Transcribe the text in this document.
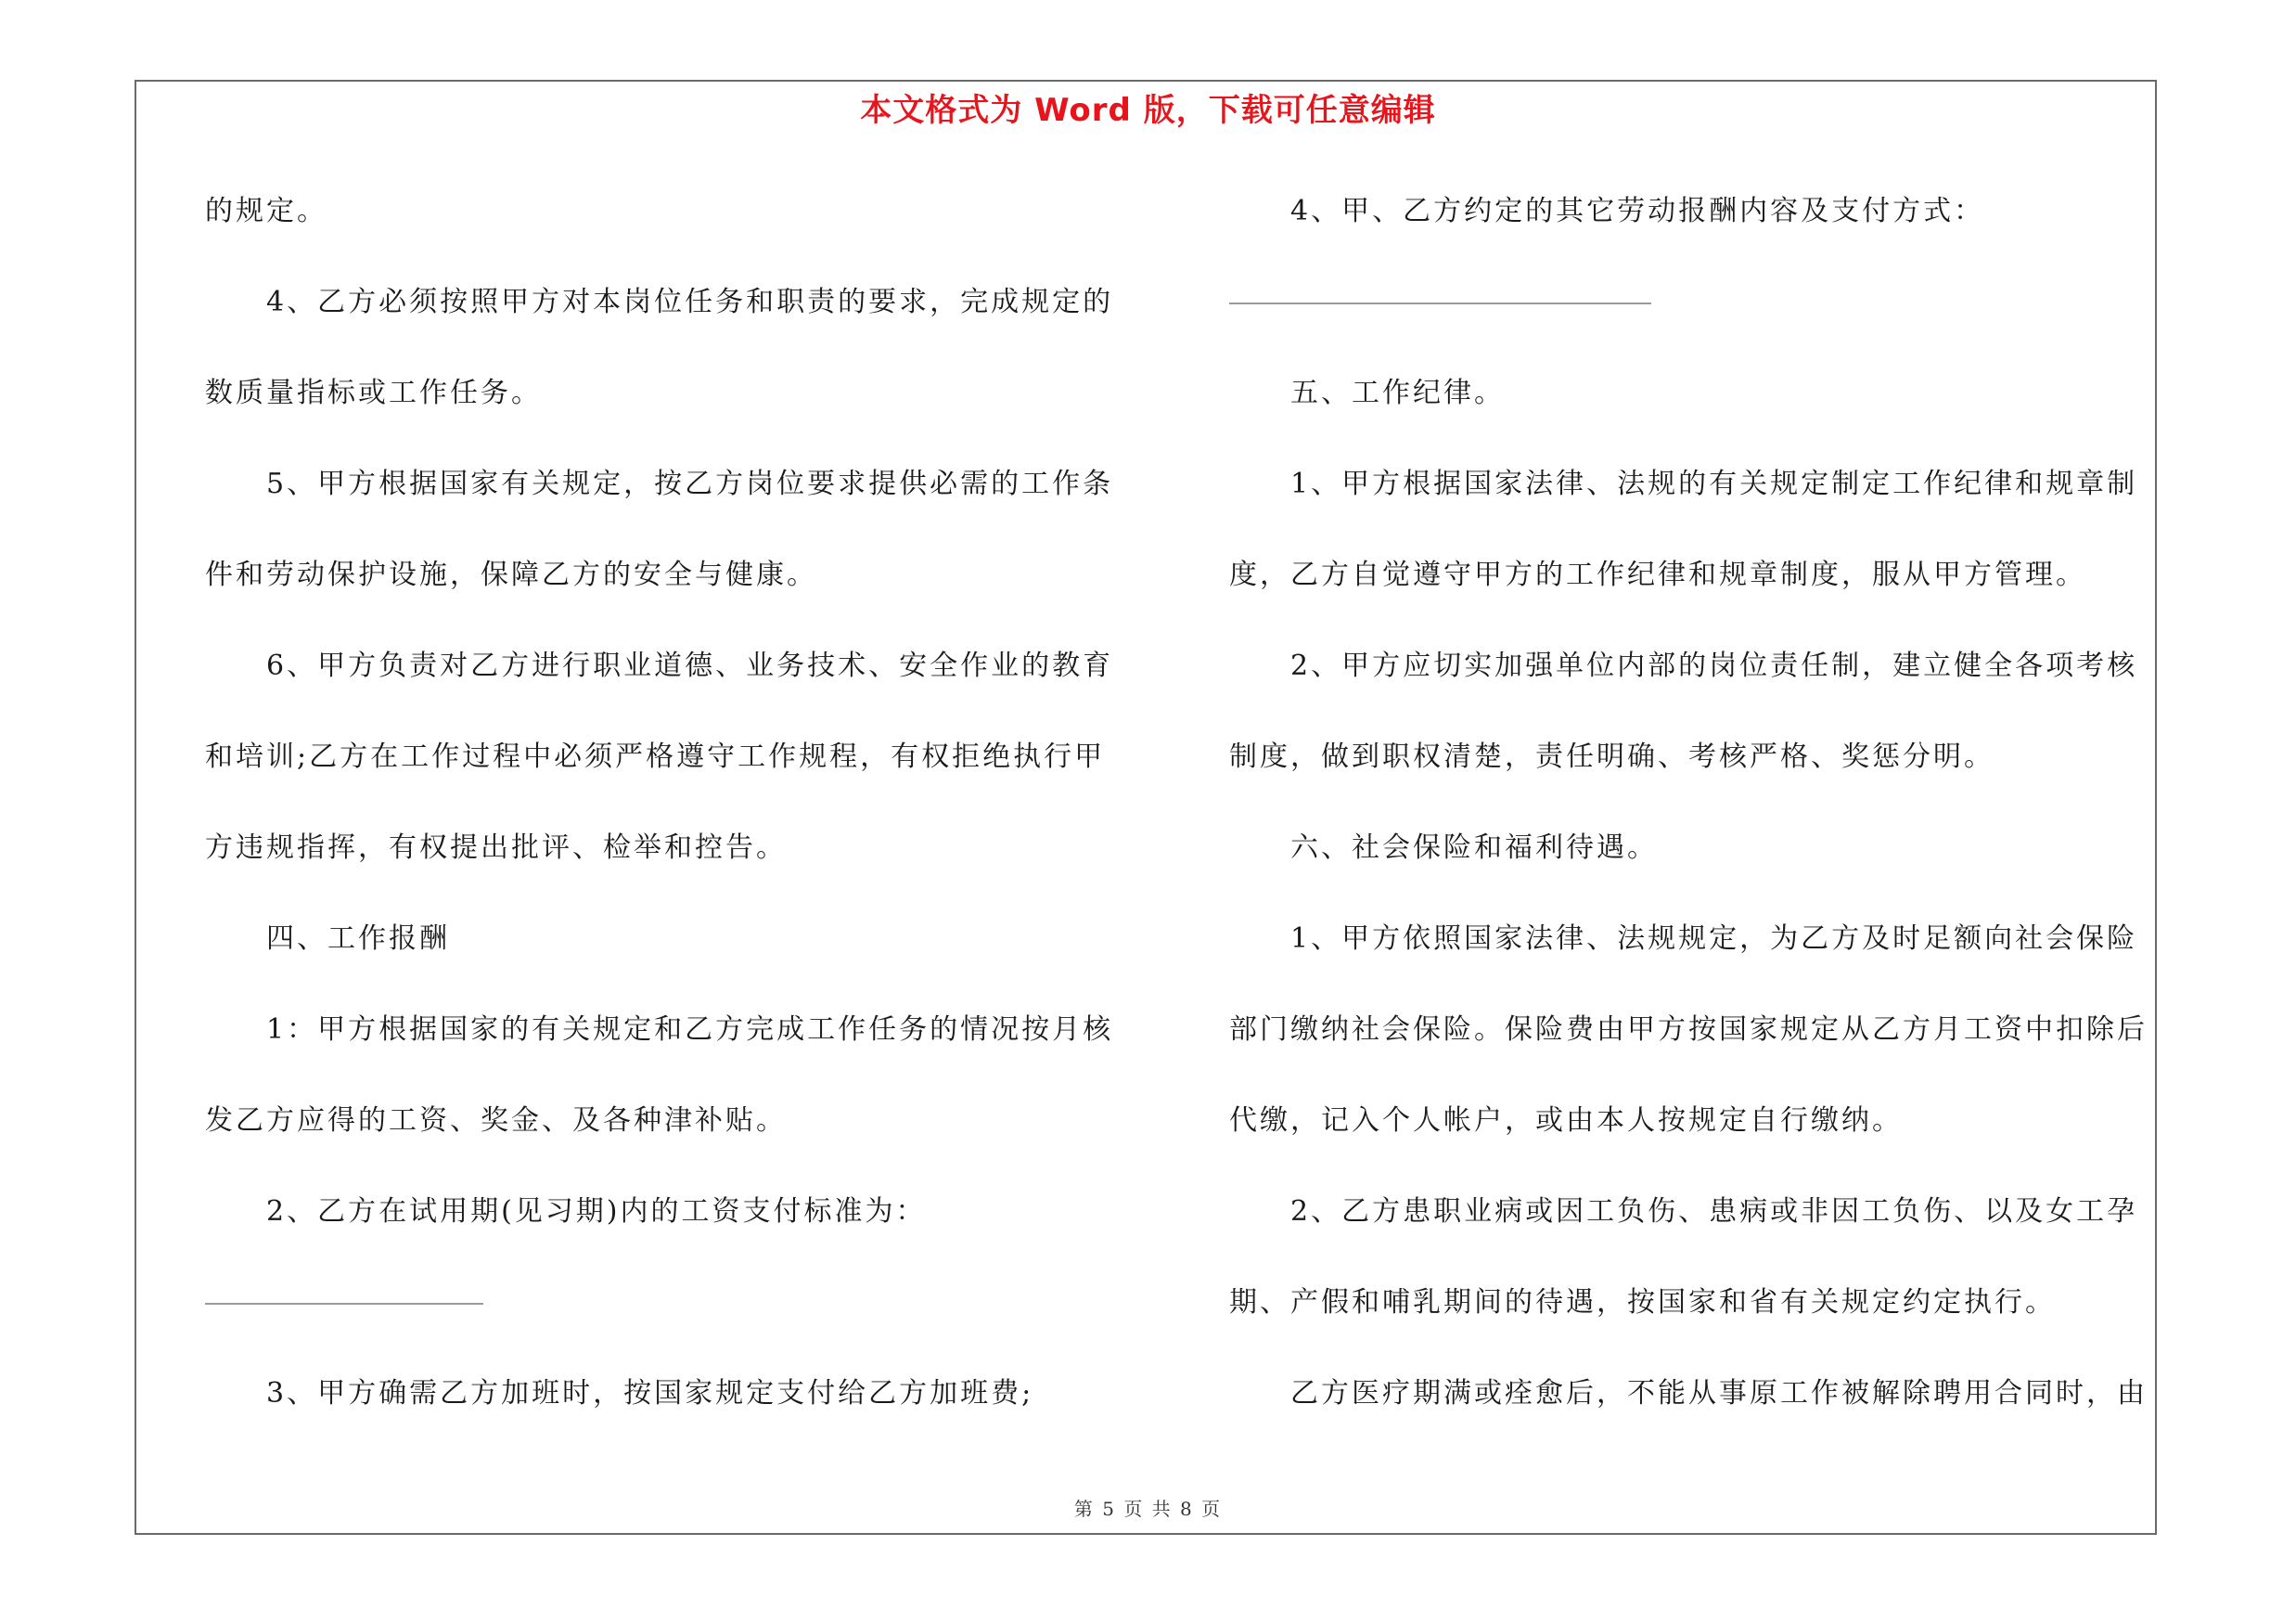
本文格式为 Word 版，下载可任意编辑
的规定。
4、乙方必须按照甲方对本岗位任务和职责的要求，完成规定的
数质量指标或工作任务。
5、甲方根据国家有关规定，按乙方岗位要求提供必需的工作条
件和劳动保护设施，保障乙方的安全与健康。
6、甲方负责对乙方进行职业道德、业务技术、安全作业的教育
和培训;乙方在工作过程中必须严格遵守工作规程，有权拒绝执行甲
方违规指挥，有权提出批评、检举和控告。
四、工作报酬
1：甲方根据国家的有关规定和乙方完成工作任务的情况按月核
发乙方应得的工资、奖金、及各种津补贴。
2、乙方在试用期(见习期)内的工资支付标准为：
3、甲方确需乙方加班时，按国家规定支付给乙方加班费;
4、甲、乙方约定的其它劳动报酬内容及支付方式：
五、工作纪律。
1、甲方根据国家法律、法规的有关规定制定工作纪律和规章制
度，乙方自觉遵守甲方的工作纪律和规章制度，服从甲方管理。
2、甲方应切实加强单位内部的岗位责任制，建立健全各项考核
制度，做到职权清楚，责任明确、考核严格、奖惩分明。
六、社会保险和福利待遇。
1、甲方依照国家法律、法规规定，为乙方及时足额向社会保险
部门缴纳社会保险。保险费由甲方按国家规定从乙方月工资中扣除后
代缴，记入个人帐户，或由本人按规定自行缴纳。
2、乙方患职业病或因工负伤、患病或非因工负伤、以及女工孕
期、产假和哺乳期间的待遇，按国家和省有关规定约定执行。
乙方医疗期满或痊愈后，不能从事原工作被解除聘用合同时，由
第 5 页 共 8 页
